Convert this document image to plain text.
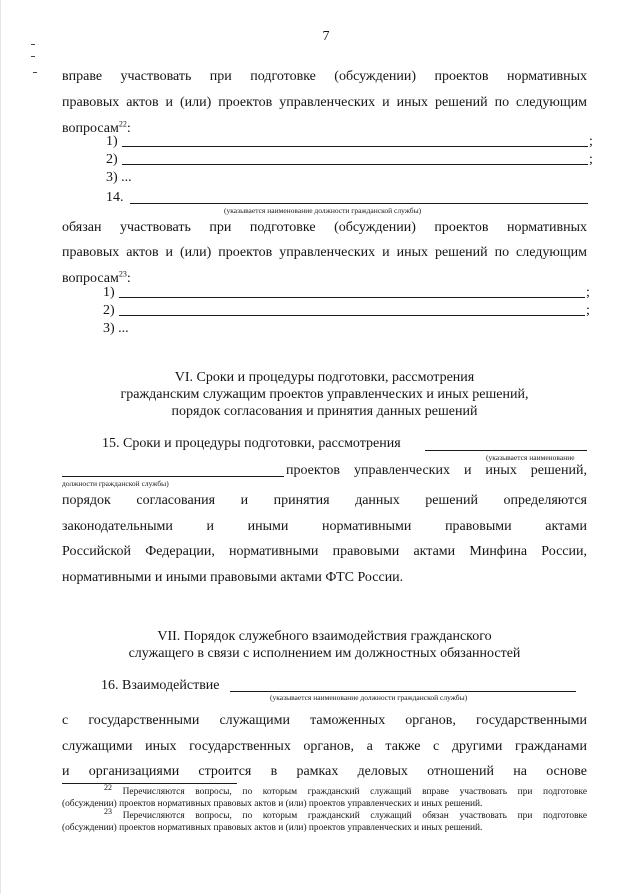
7
вправе участвовать при подготовке (обсуждении) проектов нормативных
правовых актов и (или) проектов управленческих и иных решений по следующим
вопросам$^{22}$:
1)	;
2)	;
3) ...
14.
(указывается наименование должности гражданской службы)
обязан участвовать при подготовке (обсуждении) проектов нормативных
правовых актов и (или) проектов управленческих и иных решений по следующим
вопросам$^{23}$:
1)	;
2)	;
3) ...
VI. Сроки и процедуры подготовки, рассмотрения
гражданским служащим проектов управленческих и иных решений,
порядок согласования и принятия данных решений
15. Сроки и процедуры подготовки, рассмотрения
(указывается наименование
должности гражданской службы)
проектов управленческих и иных решений,
порядок согласования и принятия данных решений определяются
законодательными и иными нормативными правовыми актами
Российской Федерации, нормативными правовыми актами Минфина России,
нормативными и иными правовыми актами ФТС России.
VII. Порядок служебного взаимодействия гражданского
служащего в связи с исполнением им должностных обязанностей
16. Взаимодействие
(указывается наименование должности гражданской службы)
с государственными служащими таможенных органов, государственными
служащими иных государственных органов, а также с другими гражданами
и организациями строится в рамках деловых отношений на основе
$^{22}$ Перечисляются вопросы, по которым гражданский служащий вправе участвовать при подготовке
(обсуждении) проектов нормативных правовых актов и (или) проектов управленческих и иных решений.
$^{23}$ Перечисляются вопросы, по которым гражданский служащий обязан участвовать при подготовке
(обсуждении) проектов нормативных правовых актов и (или) проектов управленческих и иных решений.
